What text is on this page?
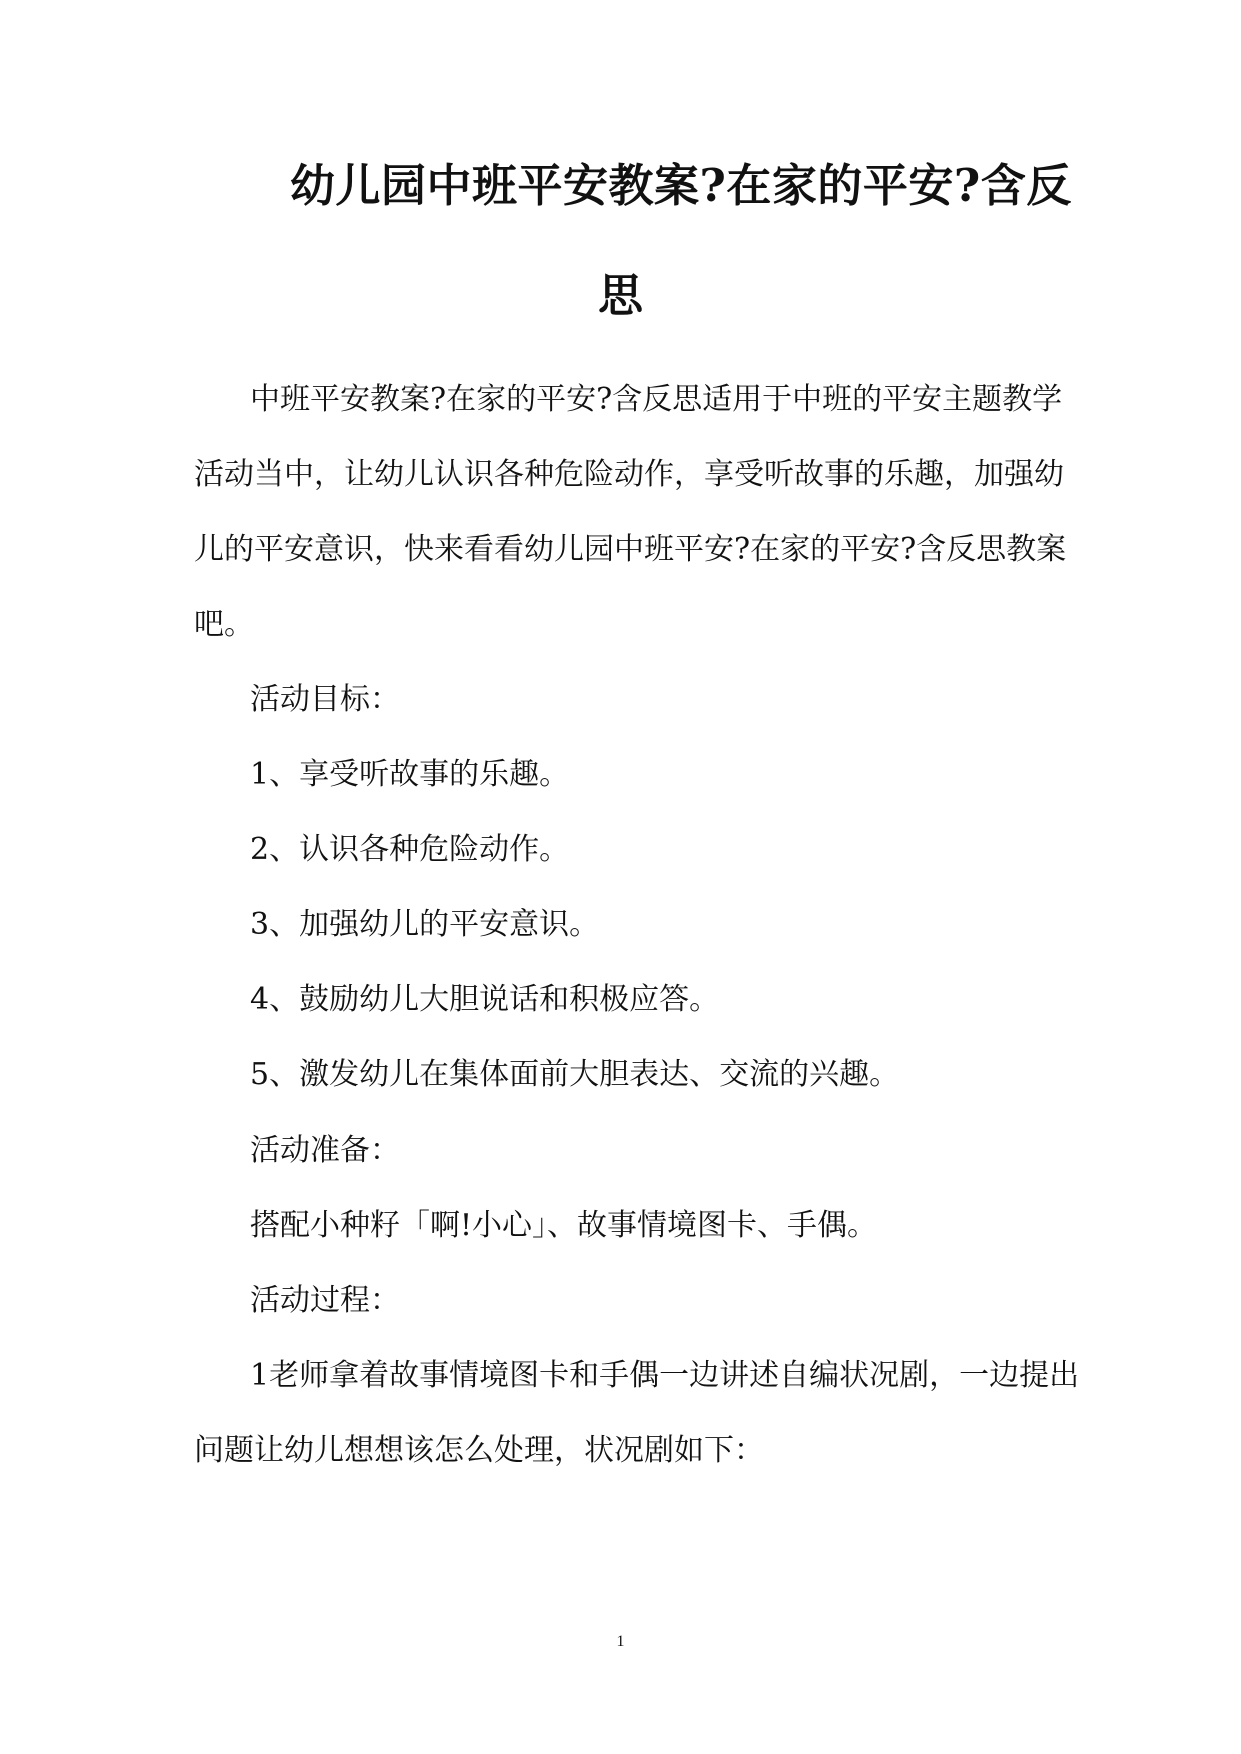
幼儿园中班平安教案?在家的平安?含反
思
中班平安教案?在家的平安?含反思适用于中班的平安主题教学
活动当中，让幼儿认识各种危险动作，享受听故事的乐趣，加强幼
儿的平安意识，快来看看幼儿园中班平安?在家的平安?含反思教案
吧。
活动目标：
1、享受听故事的乐趣。
2、认识各种危险动作。
3、加强幼儿的平安意识。
4、鼓励幼儿大胆说话和积极应答。
5、激发幼儿在集体面前大胆表达、交流的兴趣。
活动准备：
搭配小种籽「啊!小心」、故事情境图卡、手偶。
活动过程：
1老师拿着故事情境图卡和手偶一边讲述自编状况剧，一边提出
问题让幼儿想想该怎么处理，状况剧如下：
1
